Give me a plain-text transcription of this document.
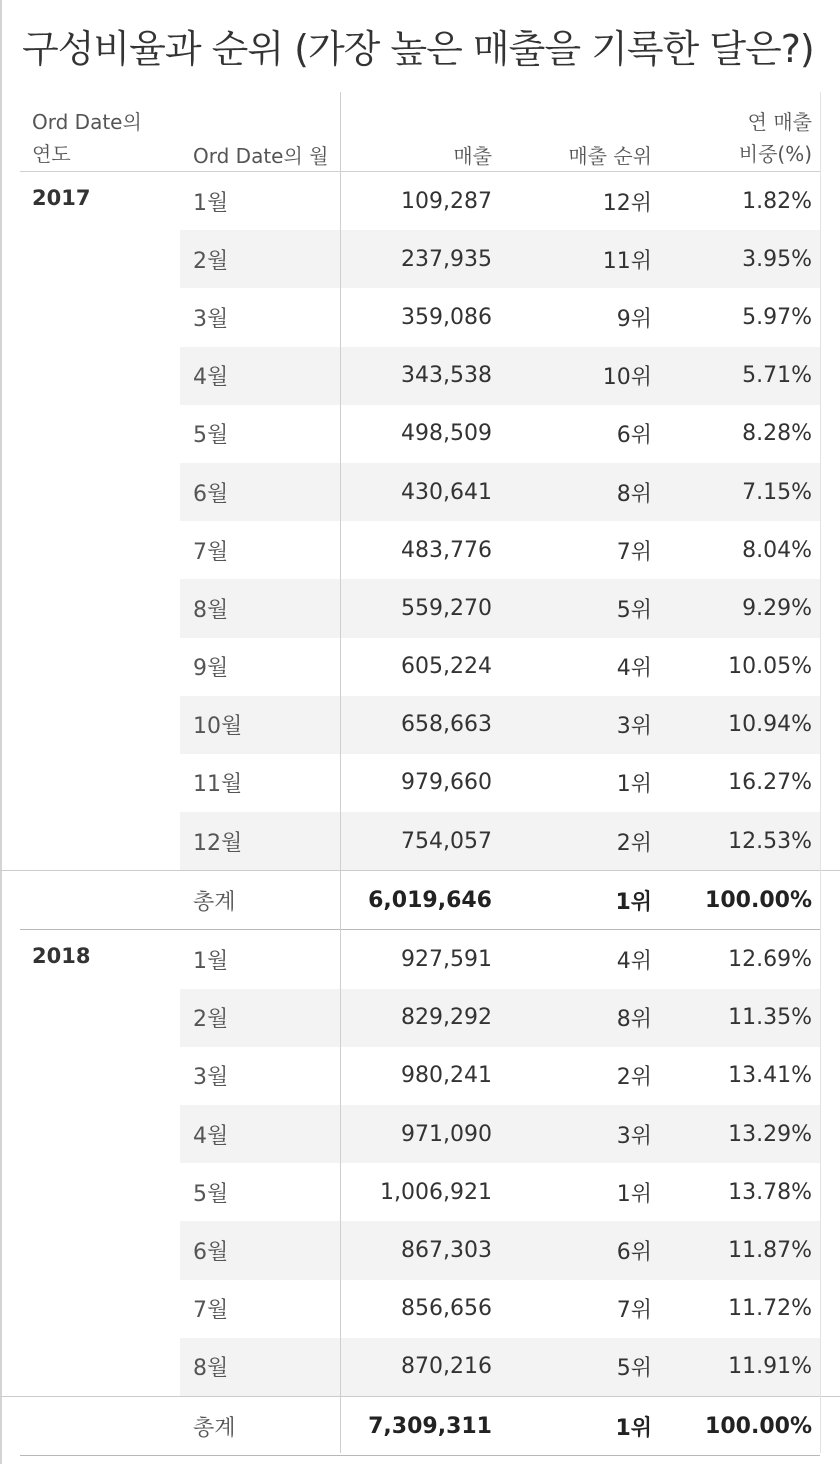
구성비율과 순위 (가장 높은 매출을 기록한 달은?)
Ord Date의
연도	Ord Date의 월	매출	매출 순위
연 매출
비중(%)
2017	1월	109,287	12위	1.82%
2월	237,935	11위	3.95%
3월	359,086	9위	5.97%
4월	343,538	10위	5.71%
5월	498,509	6위	8.28%
6월	430,641	8위	7.15%
7월	483,776	7위	8.04%
8월	559,270	5위	9.29%
9월	605,224	4위	10.05%
10월	658,663	3위	10.94%
11월	979,660	1위	16.27%
12월	754,057	2위	12.53%
총계	6,019,646	1위	100.00%
2018	1월	927,591	4위	12.69%
2월	829,292	8위	11.35%
3월	980,241	2위	13.41%
4월	971,090	3위	13.29%
5월	1,006,921	1위	13.78%
6월	867,303	6위	11.87%
7월	856,656	7위	11.72%
8월	870,216	5위	11.91%
총계	7,309,311	1위	100.00%
